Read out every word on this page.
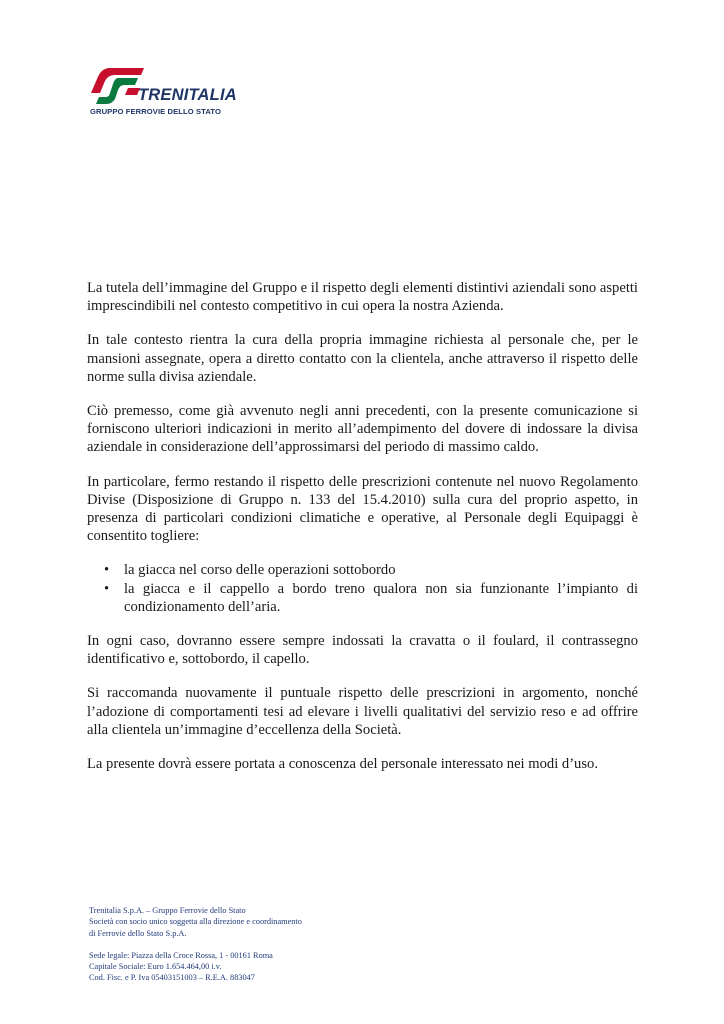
TRENITALIA
GRUPPO FERROVIE DELLO STATO

La tutela dell’immagine del Gruppo e il rispetto degli elementi distintivi aziendali sono aspetti imprescindibili nel contesto competitivo in cui opera la nostra Azienda.

In tale contesto rientra la cura della propria immagine richiesta al personale che, per le mansioni assegnate, opera a diretto contatto con la clientela, anche attraverso il rispetto delle norme sulla divisa aziendale.

Ciò premesso, come già avvenuto negli anni precedenti, con la presente comunicazione si forniscono ulteriori indicazioni in merito all’adempimento del dovere di indossare la divisa aziendale in considerazione dell’approssimarsi del periodo di massimo caldo.

In particolare, fermo restando il rispetto delle prescrizioni contenute nel nuovo Regolamento Divise (Disposizione di Gruppo n. 133 del 15.4.2010) sulla cura del proprio aspetto, in presenza di particolari condizioni climatiche e operative, al Personale degli Equipaggi è consentito togliere:

• la giacca nel corso delle operazioni sottobordo
• la giacca e il cappello a bordo treno qualora non sia funzionante l’impianto di condizionamento dell’aria.

In ogni caso, dovranno essere sempre indossati la cravatta o il foulard, il contrassegno identificativo e, sottobordo, il capello.

Si raccomanda nuovamente il puntuale rispetto delle prescrizioni in argomento, nonché l’adozione di comportamenti tesi ad elevare i livelli qualitativi del servizio reso e ad offrire alla clientela un’immagine d’eccellenza della Società.

La presente dovrà essere portata a conoscenza del personale interessato nei modi d’uso.

Trenitalia S.p.A. – Gruppo Ferrovie dello Stato
Società con socio unico soggetta alla direzione e coordinamento
di Ferrovie dello Stato S.p.A.
Sede legale: Piazza della Croce Rossa, 1 - 00161 Roma
Capitale Sociale: Euro 1.654.464,00 i.v.
Cod. Fisc. e P. Iva 05403151003 – R.E.A. 883047
